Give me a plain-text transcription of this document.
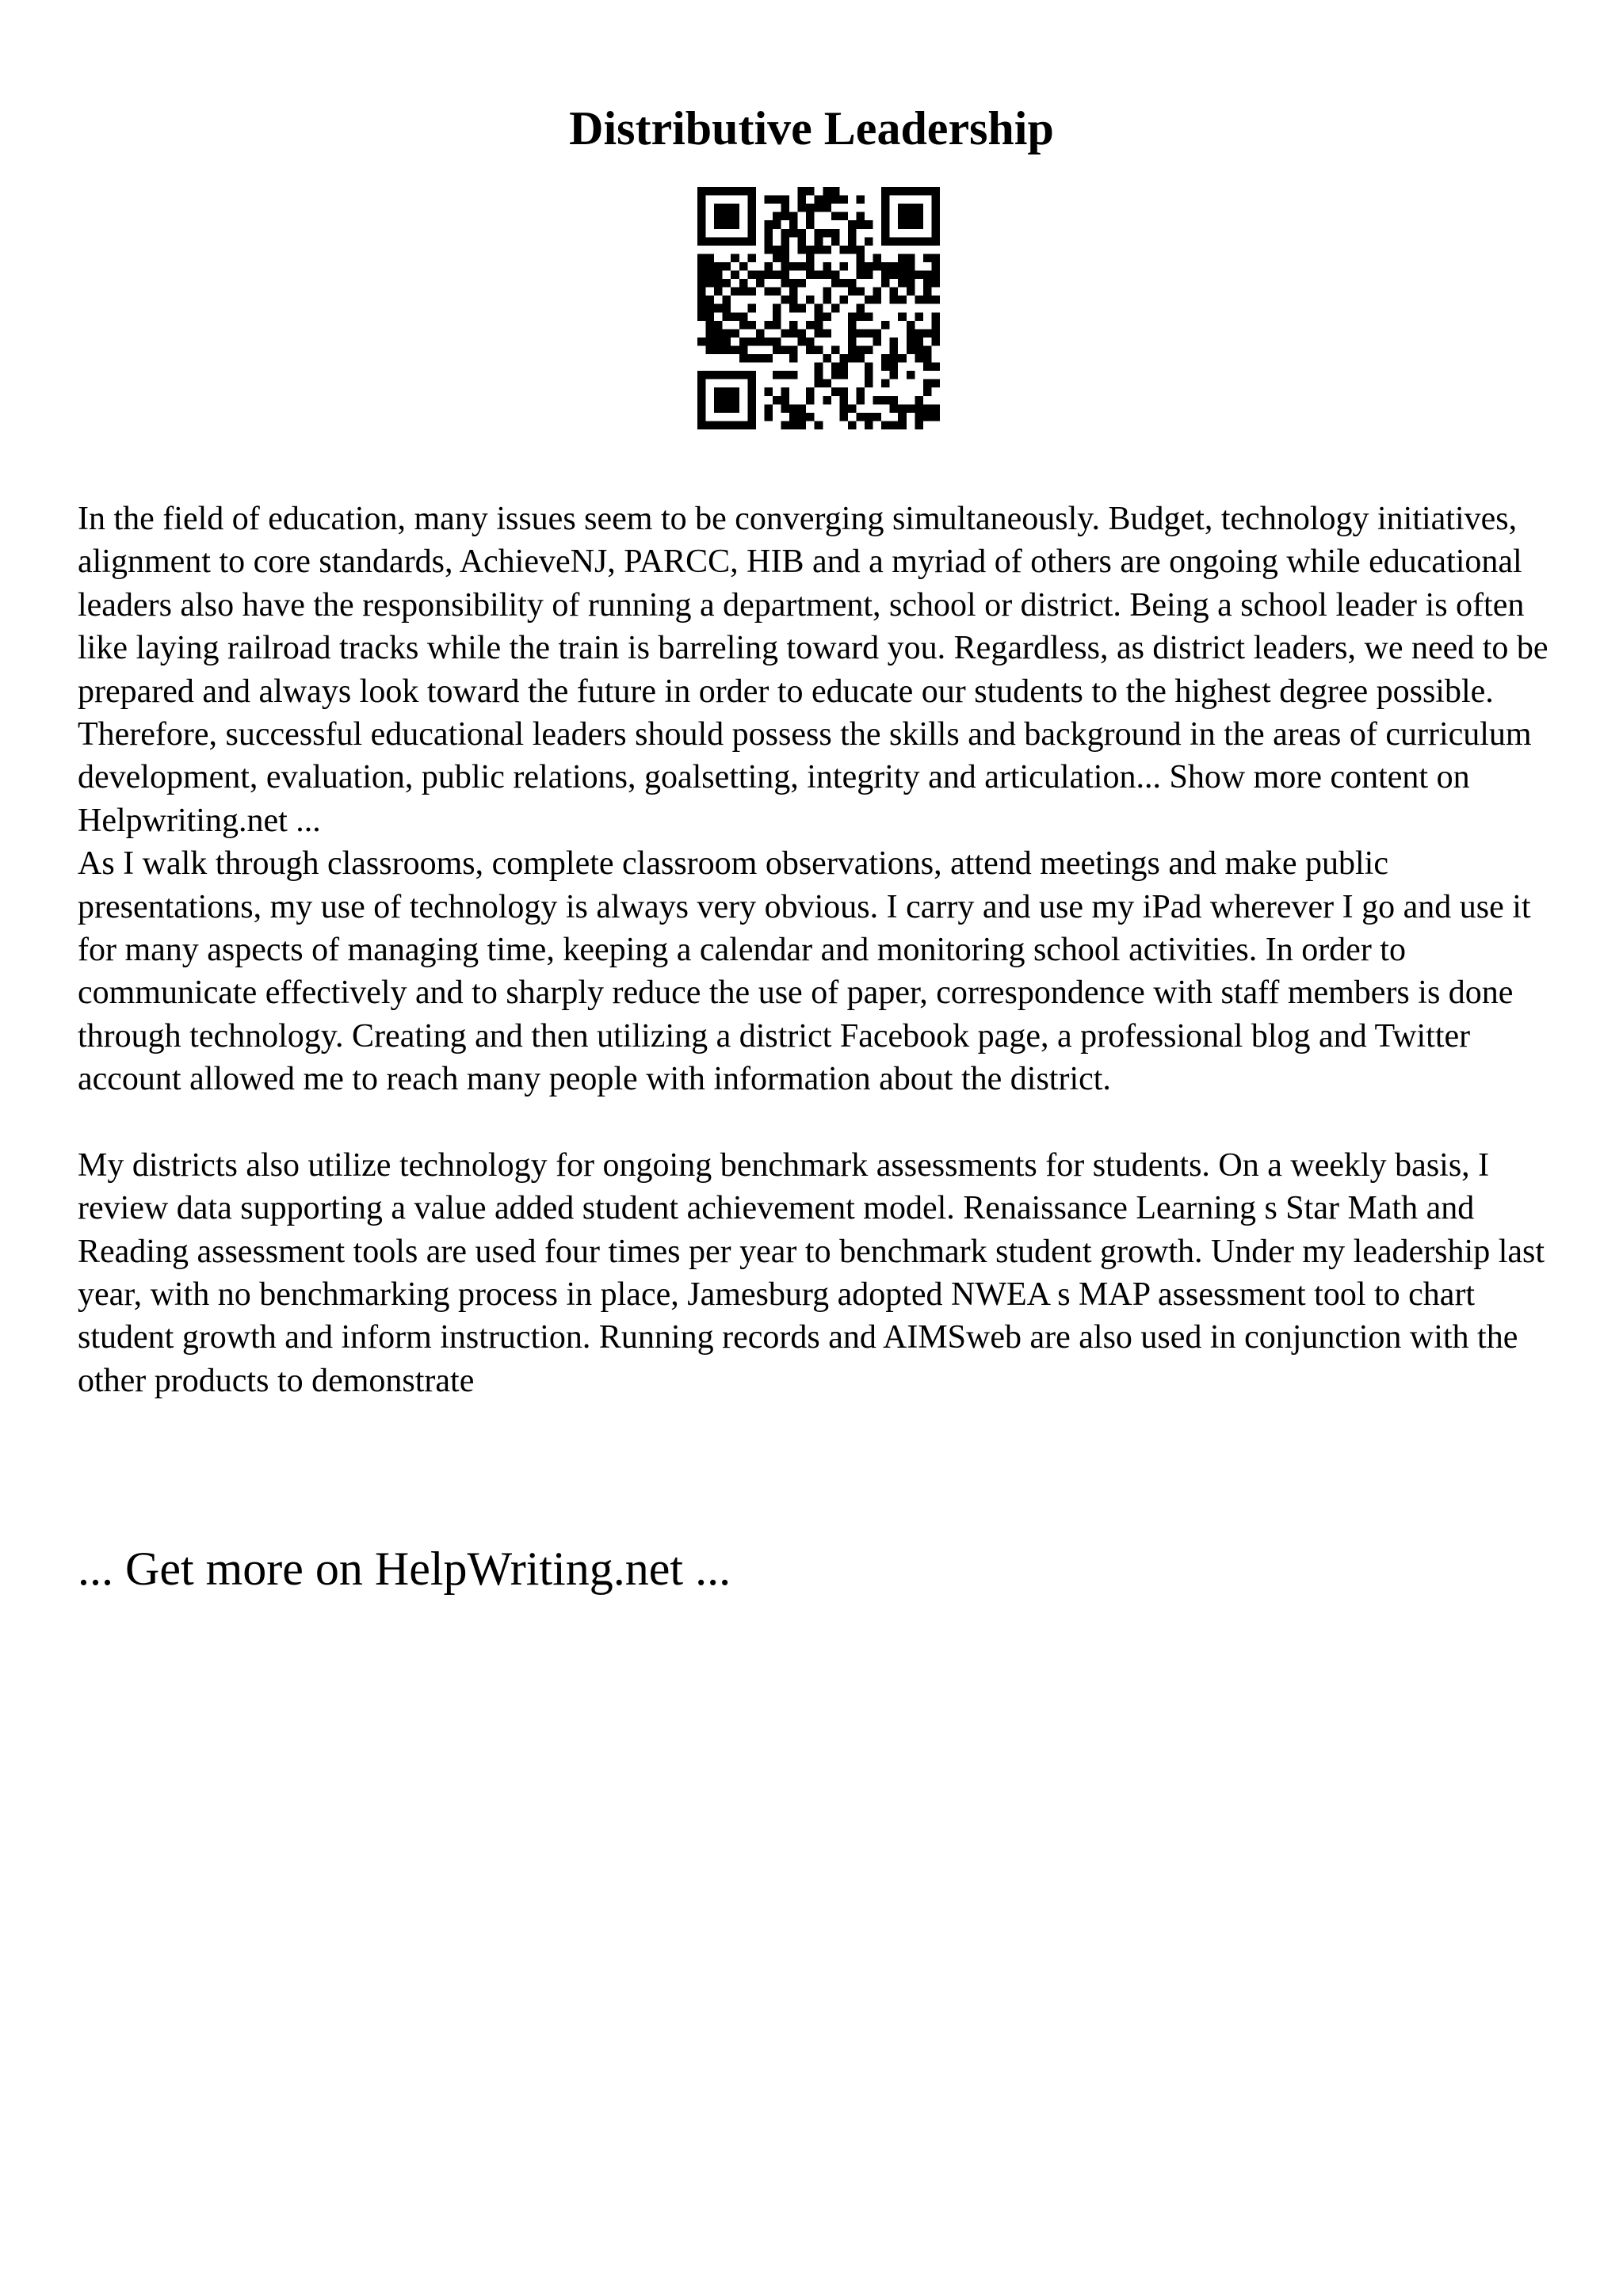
Distributive Leadership

In the field of education, many issues seem to be converging simultaneously. Budget, technology initiatives, alignment to core standards, AchieveNJ, PARCC, HIB and a myriad of others are ongoing while educational leaders also have the responsibility of running a department, school or district. Being a school leader is often like laying railroad tracks while the train is barreling toward you. Regardless, as district leaders, we need to be prepared and always look toward the future in order to educate our students to the highest degree possible. Therefore, successful educational leaders should possess the skills and background in the areas of curriculum development, evaluation, public relations, goalsetting, integrity and articulation... Show more content on Helpwriting.net ...

As I walk through classrooms, complete classroom observations, attend meetings and make public presentations, my use of technology is always very obvious. I carry and use my iPad wherever I go and use it for many aspects of managing time, keeping a calendar and monitoring school activities. In order to communicate effectively and to sharply reduce the use of paper, correspondence with staff members is done through technology. Creating and then utilizing a district Facebook page, a professional blog and Twitter account allowed me to reach many people with information about the district.

My districts also utilize technology for ongoing benchmark assessments for students. On a weekly basis, I review data supporting a value added student achievement model. Renaissance Learning s Star Math and Reading assessment tools are used four times per year to benchmark student growth. Under my leadership last year, with no benchmarking process in place, Jamesburg adopted NWEA s MAP assessment tool to chart student growth and inform instruction. Running records and AIMSweb are also used in conjunction with the other products to demonstrate

... Get more on HelpWriting.net ...
